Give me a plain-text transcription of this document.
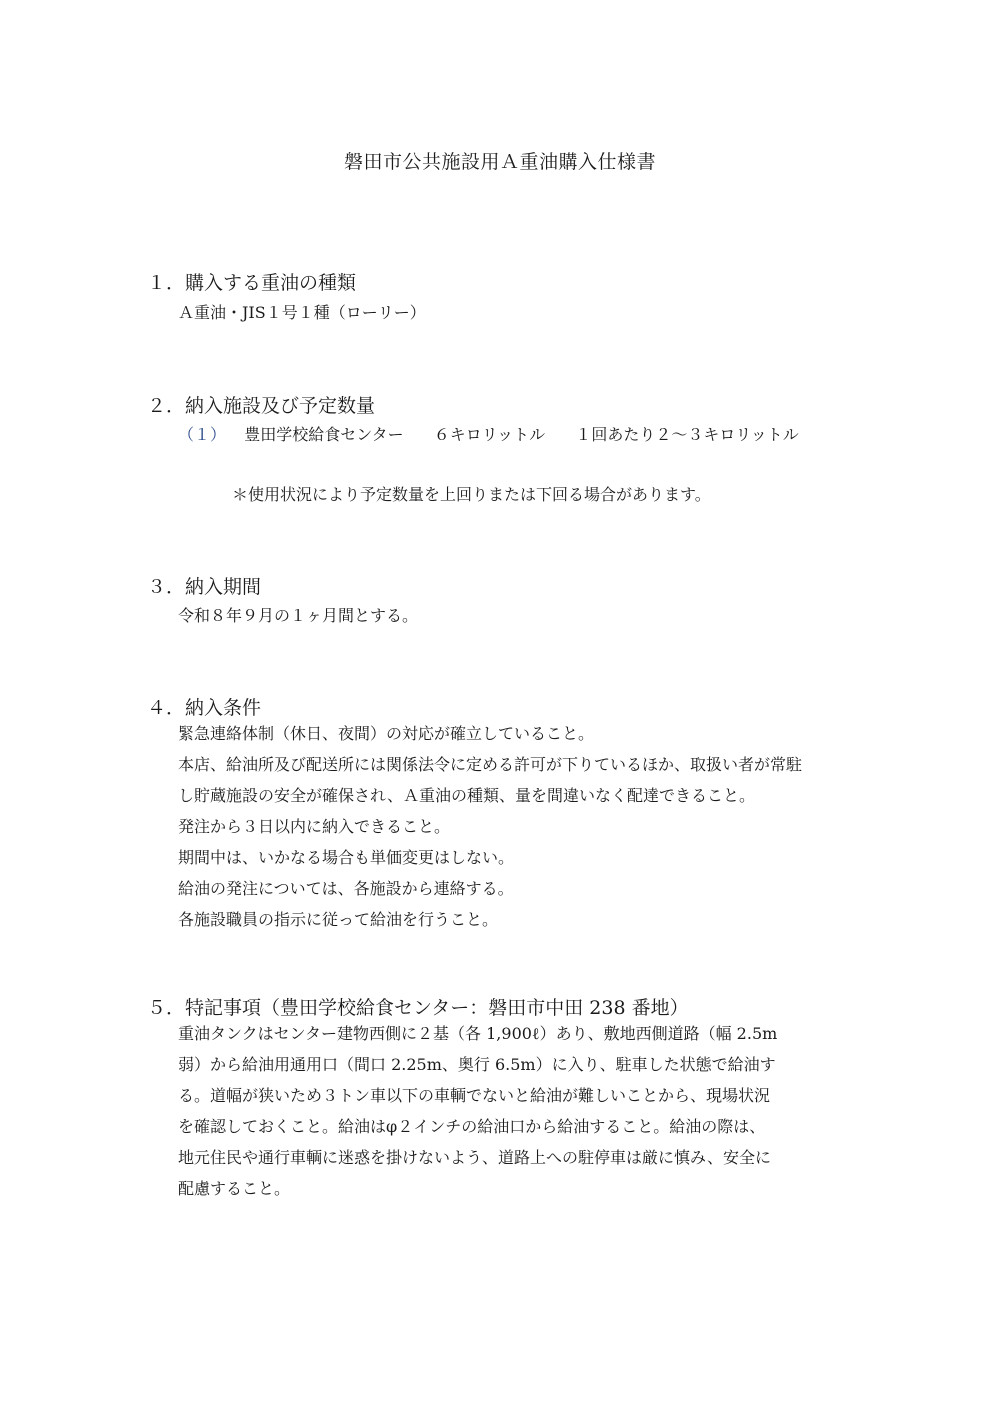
磐田市公共施設用Ａ重油購入仕様書
１．購入する重油の種類
Ａ重油・JIS１号１種（ローリー）
２．納入施設及び予定数量
（１） 豊田学校給食センター ６キロリットル １回あたり２～３キロリットル
＊使用状況により予定数量を上回りまたは下回る場合があります。
３．納入期間
令和８年９月の１ヶ月間とする。
４．納入条件
緊急連絡体制（休日、夜間）の対応が確立していること。
本店、給油所及び配送所には関係法令に定める許可が下りているほか、取扱い者が常駐
し貯蔵施設の安全が確保され、Ａ重油の種類、量を間違いなく配達できること。
発注から３日以内に納入できること。
期間中は、いかなる場合も単価変更はしない。
給油の発注については、各施設から連絡する。
各施設職員の指示に従って給油を行うこと。
５．特記事項（豊田学校給食センター：磐田市中田 238 番地）
重油タンクはセンター建物西側に２基（各 1,900ℓ）あり、敷地西側道路（幅 2.5m
弱）から給油用通用口（間口 2.25m、奥行 6.5m）に入り、駐車した状態で給油す
る。道幅が狭いため３トン車以下の車輌でないと給油が難しいことから、現場状況
を確認しておくこと。給油はφ２インチの給油口から給油すること。給油の際は、
地元住民や通行車輌に迷惑を掛けないよう、道路上への駐停車は厳に慎み、安全に
配慮すること。
